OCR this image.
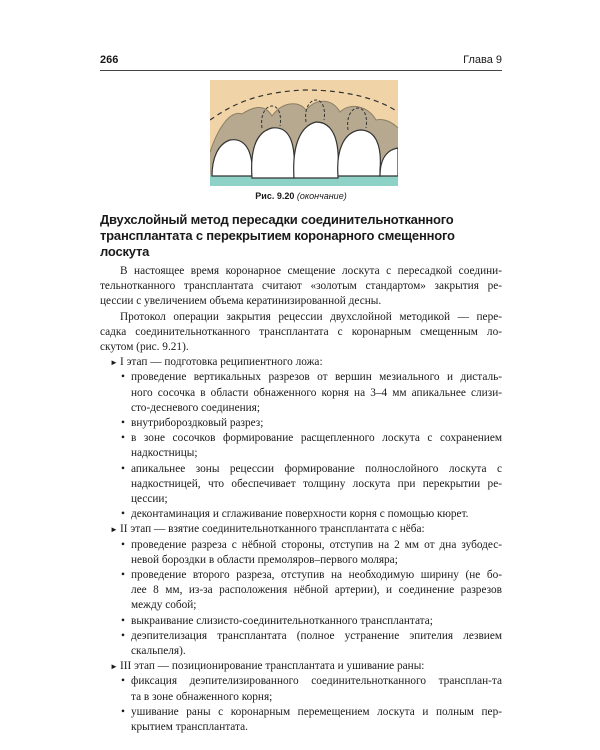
266	Глава 9
Рис. 9.20 (окончание)
Двухслойный метод пересадки соединительнотканного
трансплантата с перекрытием коронарного смещенного
лоскута
В настоящее время коронарное смещение лоскута с пересадкой соедини-
тельнотканного трансплантата считают «золотым стандартом» закрытия ре-
цессии с увеличением объема кератинизированной десны.
Протокол операции закрытия рецессии двухслойной методикой — пере-
садка соединительнотканного трансплантата с коронарным смещенным ло-
скутом (рис. 9.21).
► I этап — подготовка реципиентного ложа:
• проведение вертикальных разрезов от вершин мезиального и дисталь-
ного сосочка в области обнаженного корня на 3–4 мм апикальнее слизи-
сто-десневого соединения;
• внутрибороздковый разрез;
• в зоне сосочков формирование расщепленного лоскута с сохранением
надкостницы;
• апикальнее зоны рецессии формирование полнослойного лоскута с
надкостницей, что обеспечивает толщину лоскута при перекрытии ре-
цессии;
• деконтаминация и сглаживание поверхности корня с помощью кюрет.
► II этап — взятие соединительнотканного трансплантата с нёба:
• проведение разреза с нёбной стороны, отступив на 2 мм от дна зубодес-
невой бороздки в области премоляров–первого моляра;
• проведение второго разреза, отступив на необходимую ширину (не бо-
лее 8 мм, из-за расположения нёбной артерии), и соединение разрезов
между собой;
• выкраивание слизисто-соединительнотканного трансплантата;
• деэпителизация трансплантата (полное устранение эпителия лезвием
скальпеля).
► III этап — позиционирование трансплантата и ушивание раны:
• фиксация деэпителизированного соединительнотканного трансплан-та
та в зоне обнаженного корня;
• ушивание раны с коронарным перемещением лоскута и полным пер-
крытием трансплантата.
